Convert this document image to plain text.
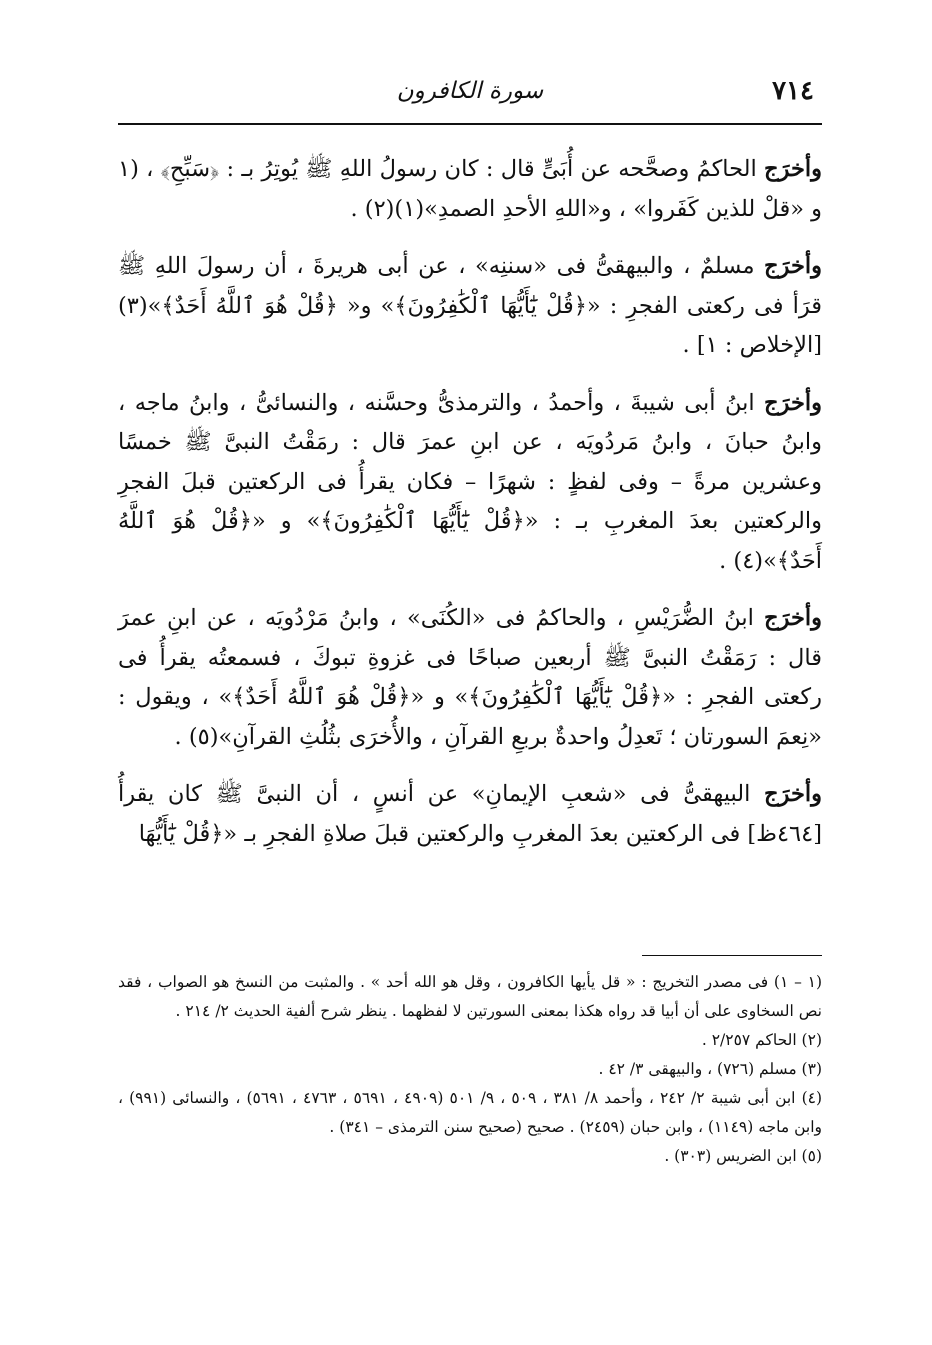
٧١٤
سورة الكافرون

وأخرَج الحاكمُ وصحَّحه عن أُبَىٍّ قال : كان رسولُ اللهِ ﷺ يُوتِرُ بـ : ﴿سَبِّحِ﴾ ، (١ و «قلْ للذين كَفَروا» ، و«اللهِ الأحدِ الصمدِ»(١)(٢) .

وأخرَج مسلمٌ ، والبيهقىُّ فى «سننِه» ، عن أبى هريرةَ ، أن رسولَ اللهِ ﷺ قرَأ فى ركعتى الفجرِ : «﴿قُلْ يَٰٓأَيُّهَا ٱلْكَٰفِرُونَ﴾» و« ﴿قُلْ هُوَ ٱللَّهُ أَحَدٌ﴾»(٣) [الإخلاص : ١] .

وأخرَج ابنُ أبى شيبةَ ، وأحمدُ ، والترمذىُّ وحسَّنه ، والنسائىُّ ، وابنُ ماجه ، وابنُ حبانَ ، وابنُ مَردُويَه ، عن ابنِ عمرَ قال : رمَقْتُ النبىَّ ﷺ خمسًا وعشرين مرةً – وفى لفظٍ : شهرًا – فكان يقرأُ فى الركعتين قبلَ الفجرِ والركعتين بعدَ المغربِ بـ : «﴿قُلْ يَٰٓأَيُّهَا ٱلْكَٰفِرُونَ﴾» و «﴿قُلْ هُوَ ٱللَّهُ أَحَدٌ﴾»(٤) .

وأخرَج ابنُ الضُّرَيْسِ ، والحاكمُ فى «الكُنَى» ، وابنُ مَرْدُويَه ، عن ابنِ عمرَ قال : رَمَقْتُ النبىَّ ﷺ أربعين صباحًا فى غزوةِ تبوكَ ، فسمعتُه يقرأُ فى ركعتى الفجرِ : «﴿قُلْ يَٰٓأَيُّهَا ٱلْكَٰفِرُونَ﴾» و «﴿قُلْ هُوَ ٱللَّهُ أَحَدٌ﴾» ، ويقول : «نِعمَ السورتان ؛ تَعدِلُ واحدةٌ بربعِ القرآنِ ، والأُخرَى بثُلُثِ القرآنِ»(٥) .

وأخرَج البيهقىُّ فى «شعبِ الإيمانِ» عن أنسٍ ، أن النبىَّ ﷺ كان يقرأُ [٤٦٤ظ] فى الركعتين بعدَ المغربِ والركعتين قبلَ صلاةِ الفجرِ بـ «﴿قُلْ يَٰٓأَيُّهَا

(١ – ١) فى مصدر التخريج : « قل يأيها الكافرون ، وقل هو الله أحد » . والمثبت من النسخ هو الصواب ، فقد نص السخاوى على أن أبيا قد رواه هكذا بمعنى السورتين لا لفظهما . ينظر شرح ألفية الحديث ٢/ ٢١٤ .

(٢) الحاكم ٢/٢٥٧ .

(٣) مسلم (٧٢٦) ، والبيهقى ٣/ ٤٢ .

(٤) ابن أبى شيبة ٢/ ٢٤٢ ، وأحمد ٨/ ٣٨١ ، ٥٠٩ ، ٩/ ٥٠١ (٤٩٠٩ ، ٥٦٩١ ، ٤٧٦٣ ، ٥٦٩١) ، والنسائى (٩٩١) ، وابن ماجه (١١٤٩) ، وابن حبان (٢٤٥٩) . صحيح (صحيح سنن الترمذى – ٣٤١) .

(٥) ابن الضريس (٣٠٣) .
